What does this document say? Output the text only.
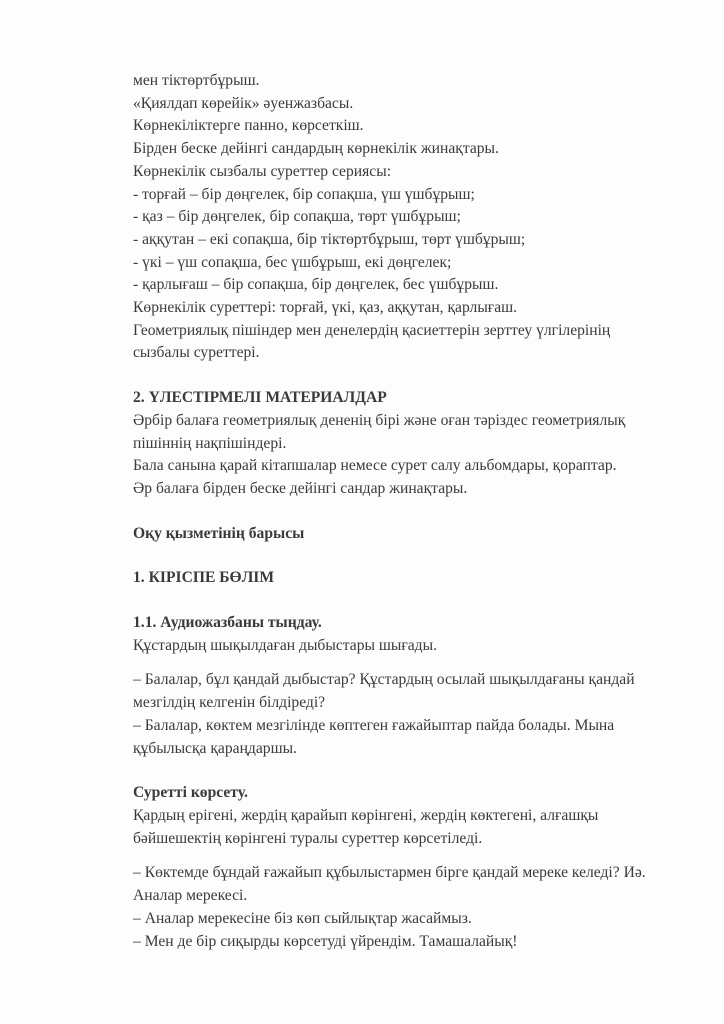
мен тіктөртбұрыш.

«Қиялдап көрейік» әуенжазбасы.

Көрнекіліктерге панно, көрсеткіш.

Бірден беске дейінгі сандардың көрнекілік жинақтары.

Көрнекілік сызбалы суреттер сериясы:

- торғай – бір дөңгелек, бір сопақша, үш үшбұрыш;

- қаз – бір дөңгелек, бір сопақша, төрт үшбұрыш;

- аққутан – екі сопақша, бір тіктөртбұрыш, төрт үшбұрыш;

- үкі – үш сопақша, бес үшбұрыш, екі дөңгелек;

- қарлығаш – бір сопақша, бір дөңгелек, бес үшбұрыш.

Көрнекілік суреттері: торғай, үкі, қаз, аққутан, қарлығаш.

Геометриялық пішіндер мен денелердің қасиеттерін зерттеу үлгілерінің

сызбалы суреттері.

2. ҮЛЕСТІРМЕЛІ МАТЕРИАЛДАР

Әрбір балаға геометриялық дененің бірі және оған тәріздес геометриялық

пішіннің нақпішіндері.

Бала санына қарай кітапшалар немесе сурет салу альбомдары, қораптар.

Әр балаға бірден беске дейінгі сандар жинақтары.

Оқу қызметінің барысы

1. КІРІСПЕ БӨЛІМ

1.1. Аудиожазбаны тыңдау.

Құстардың шықылдаған дыбыстары шығады.

– Балалар, бұл қандай дыбыстар? Құстардың осылай шықылдағаны қандай

мезгілдің келгенін білдіреді?

– Балалар, көктем мезгілінде көптеген ғажайыптар пайда болады. Мына

құбылысқа қараңдаршы.

Суретті көрсету.

Қардың ерігені, жердің қарайып көрінгені, жердің көктегені, алғашқы

бәйшешектің көрінгені туралы суреттер көрсетіледі.

– Көктемде бұндай ғажайып құбылыстармен бірге қандай мереке келеді? Иә.

Аналар мерекесі.

– Аналар мерекесіне біз көп сыйлықтар жасаймыз.

– Мен де бір сиқырды көрсетуді үйрендім. Тамашалайық!
